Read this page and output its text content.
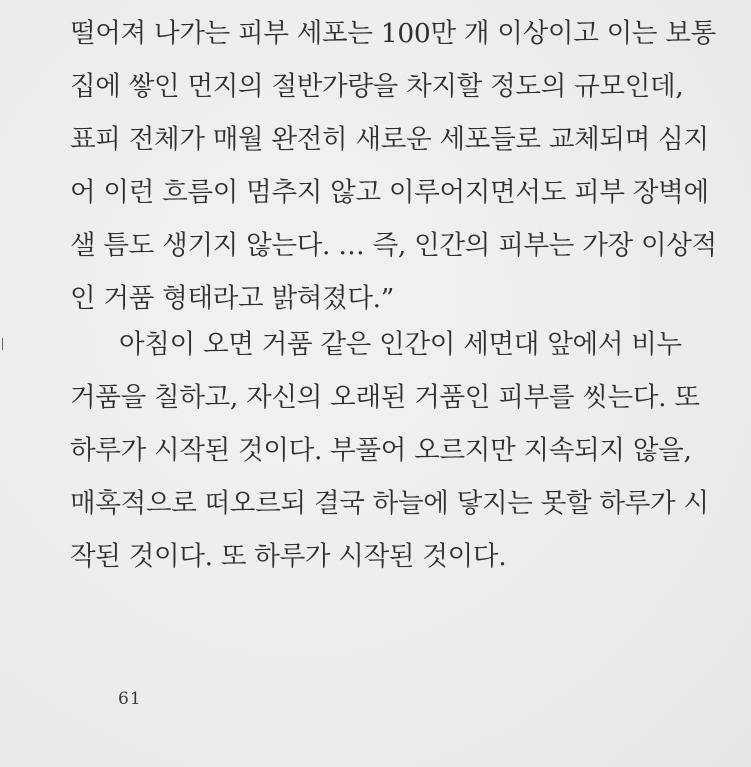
떨어져 나가는 피부 세포는 100만 개 이상이고 이는 보통
집에 쌓인 먼지의 절반가량을 차지할 정도의 규모인데,
표피 전체가 매월 완전히 새로운 세포들로 교체되며 심지
어 이런 흐름이 멈추지 않고 이루어지면서도 피부 장벽에
샐 틈도 생기지 않는다. … 즉, 인간의 피부는 가장 이상적
인 거품 형태라고 밝혀졌다.”
아침이 오면 거품 같은 인간이 세면대 앞에서 비누
거품을 칠하고, 자신의 오래된 거품인 피부를 씻는다. 또
하루가 시작된 것이다. 부풀어 오르지만 지속되지 않을,
매혹적으로 떠오르되 결국 하늘에 닿지는 못할 하루가 시
작된 것이다. 또 하루가 시작된 것이다.
61
